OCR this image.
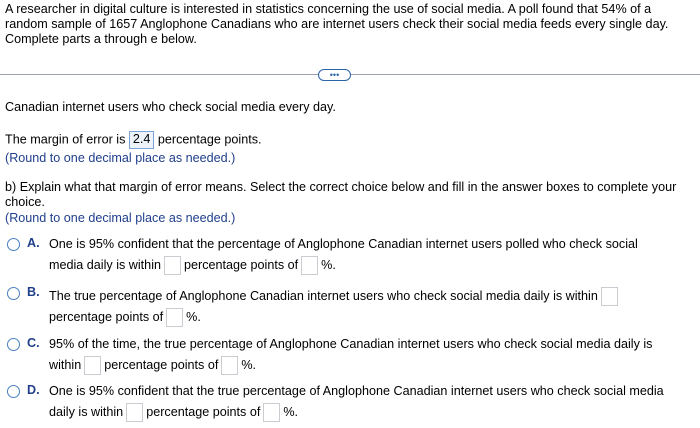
A researcher in digital culture is interested in statistics concerning the use of social media. A poll found that 54% of a
random sample of 1657 Anglophone Canadians who are internet users check their social media feeds every single day.
Complete parts a through e below.
•••
Canadian internet users who check social media every day.
The margin of error is 2.4 percentage points.
(Round to one decimal place as needed.)
b) Explain what that margin of error means. Select the correct choice below and fill in the answer boxes to complete your
choice.
(Round to one decimal place as needed.)
A. One is 95% confident that the percentage of Anglophone Canadian internet users polled who check social
media daily is within percentage points of %.
B. The true percentage of Anglophone Canadian internet users who check social media daily is within
percentage points of %.
C. 95% of the time, the true percentage of Anglophone Canadian internet users who check social media daily is
within percentage points of %.
D. One is 95% confident that the true percentage of Anglophone Canadian internet users who check social media
daily is within percentage points of %.
